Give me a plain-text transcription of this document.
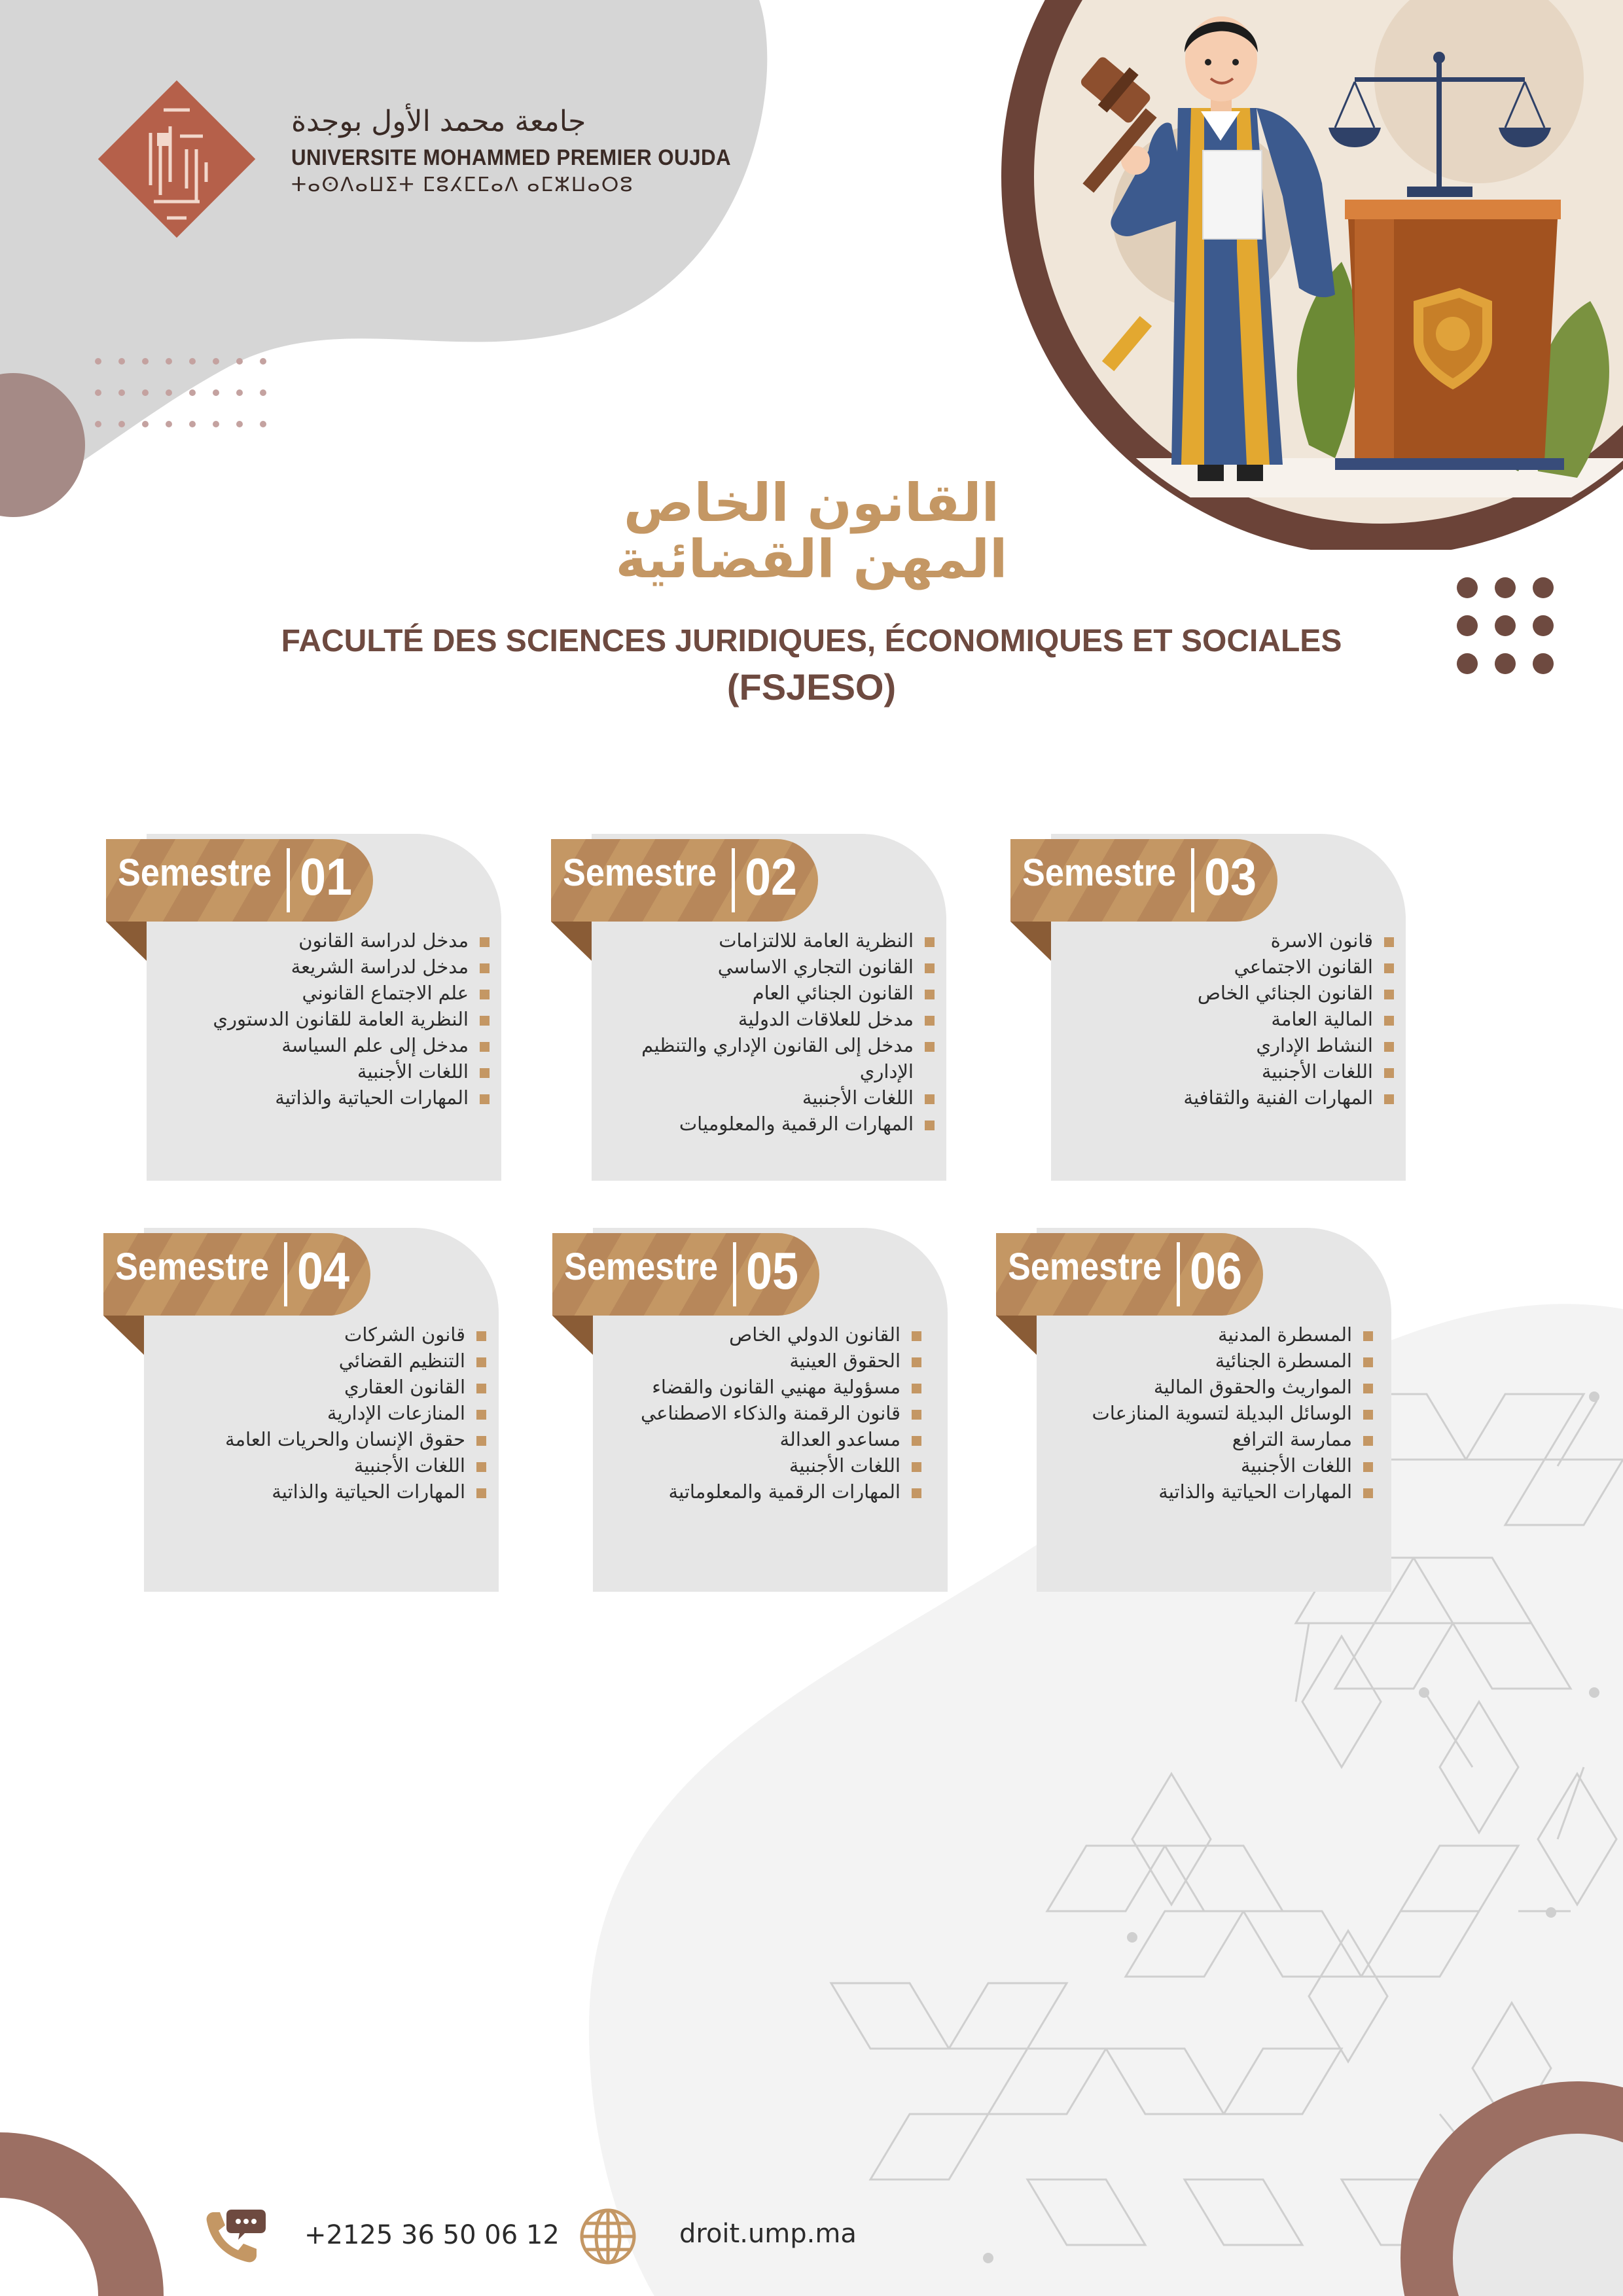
جامعة محمد الأول بوجدة
UNIVERSITE MOHAMMED PREMIER OUJDA
ⵜⴰⵙⴷⴰⵡⵉⵜ ⵎⵓⵃⵎⵎⴰⴷ ⴰⵎⵣⵡⴰⵔⵓ
القانون الخاص
المهن القضائية
FACULTÉ DES SCIENCES JURIDIQUES, ÉCONOMIQUES ET SOCIALES
(FSJESO)
Semestre 01
مدخل لدراسة القانون
مدخل لدراسة الشريعة
علم الاجتماع القانوني
النظرية العامة للقانون الدستوري
مدخل إلى علم السياسة
اللغات الأجنبية
المهارات الحياتية والذاتية
Semestre 02
النظرية العامة للالتزامات
القانون التجاري الاساسي
القانون الجنائي العام
مدخل للعلاقات الدولية
مدخل إلى القانون الإداري والتنظيم الإداري
اللغات الأجنبية
المهارات الرقمية والمعلوميات
Semestre 03
قانون الاسرة
القانون الاجتماعي
القانون الجنائي الخاص
المالية العامة
النشاط الإداري
اللغات الأجنبية
المهارات الفنية والثقافية
Semestre 04
قانون الشركات
التنظيم القضائي
القانون العقاري
المنازعات الإدارية
حقوق الإنسان والحريات العامة
اللغات الأجنبية
المهارات الحياتية والذاتية
Semestre 05
القانون الدولي الخاص
الحقوق العينية
مسؤولية مهنيي القانون والقضاء
قانون الرقمنة والذكاء الاصطناعي
مساعدو العدالة
اللغات الأجنبية
المهارات الرقمية والمعلوماتية
Semestre 06
المسطرة المدنية
المسطرة الجنائية
المواريث والحقوق المالية
الوسائل البديلة لتسوية المنازعات
ممارسة الترافع
اللغات الأجنبية
المهارات الحياتية والذاتية
+2125 36 50 06 12	droit.ump.ma
